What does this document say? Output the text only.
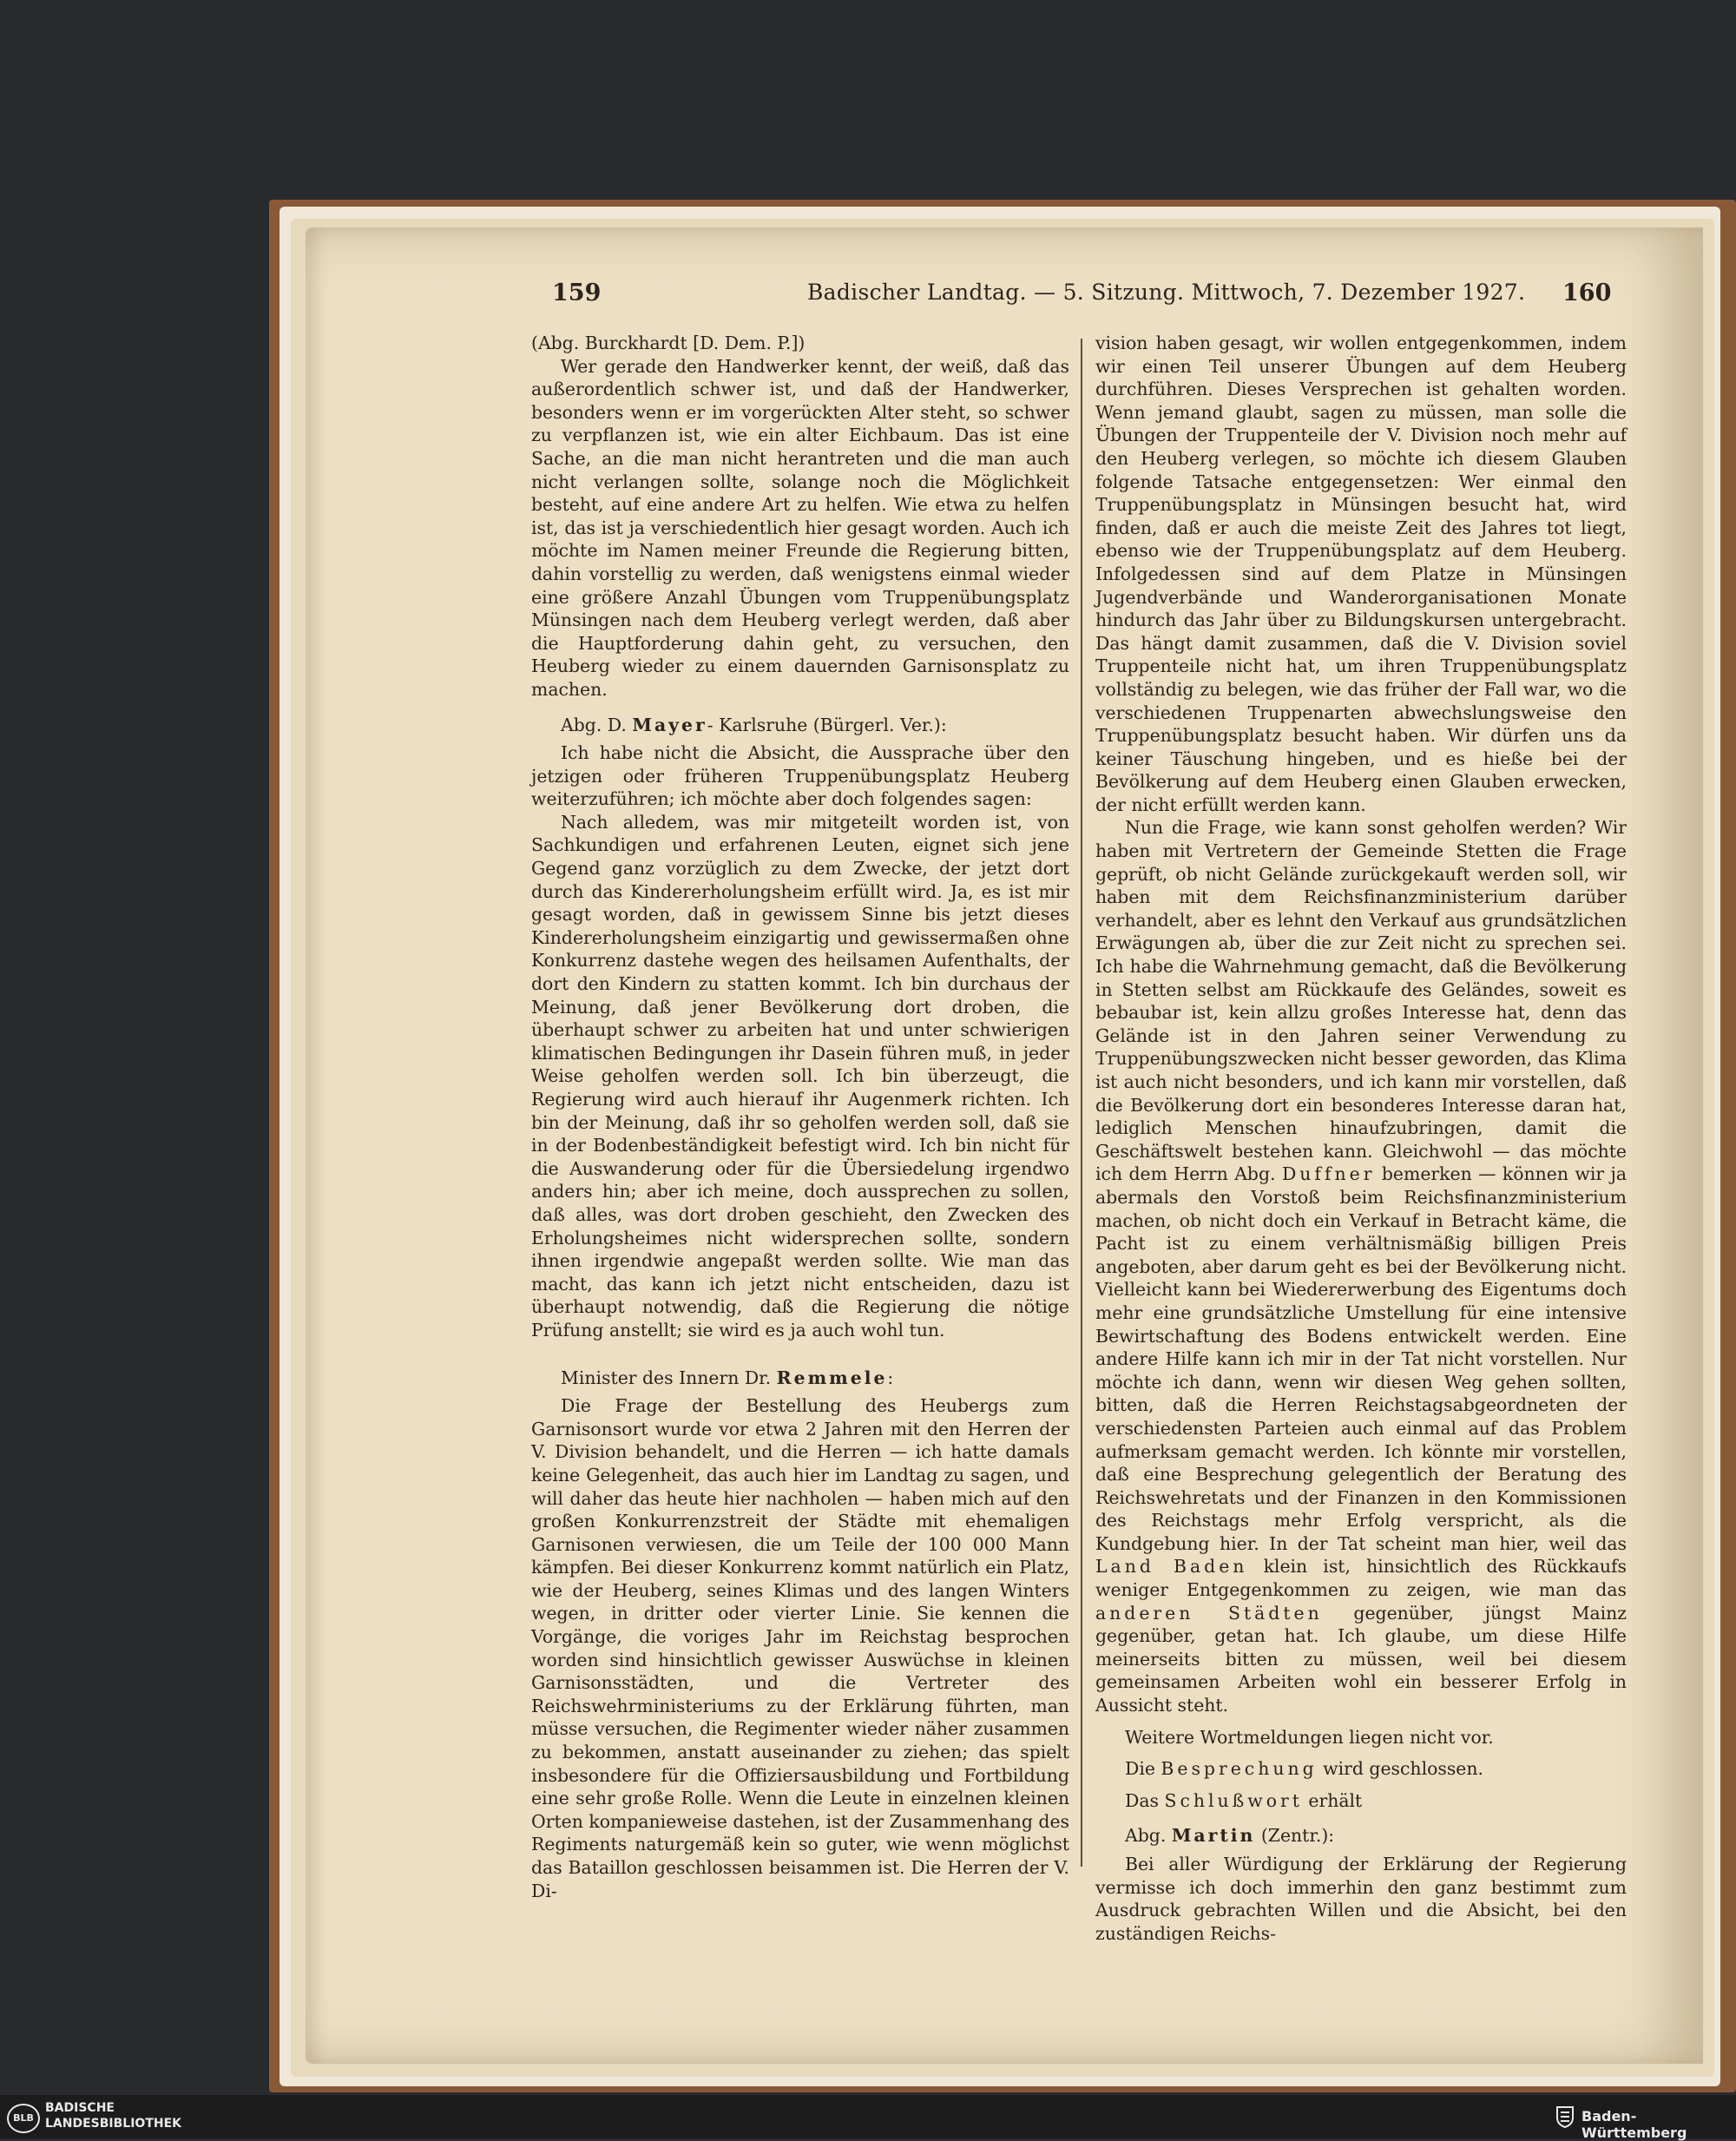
159	Badischer Landtag. — 5. Sitzung. Mittwoch, 7. Dezember 1927. 160

(Abg. Burckhardt [D. Dem. P.])

Wer gerade den Handwerker kennt, der weiß, daß das außerordentlich schwer ist, und daß der Handwerker, besonders wenn er im vorgerückten Alter steht, so schwer zu verpflanzen ist, wie ein alter Eichbaum. Das ist eine Sache, an die man nicht herantreten und die man auch nicht verlangen sollte, solange noch die Möglichkeit besteht, auf eine andere Art zu helfen. Wie etwa zu helfen ist, das ist ja verschiedentlich hier gesagt worden. Auch ich möchte im Namen meiner Freunde die Regierung bitten, dahin vorstellig zu werden, daß wenigstens einmal wieder eine größere Anzahl Übungen vom Truppenübungsplatz Münsingen nach dem Heuberg verlegt werden, daß aber die Hauptforderung dahin geht, zu versuchen, den Heuberg wieder zu einem dauernden Garnisonsplatz zu machen.

Abg. D. Mayer- Karlsruhe (Bürgerl. Ver.):

Ich habe nicht die Absicht, die Aussprache über den jetzigen oder früheren Truppenübungsplatz Heuberg weiterzuführen; ich möchte aber doch folgendes sagen:

Nach alledem, was mir mitgeteilt worden ist, von Sachkundigen und erfahrenen Leuten, eignet sich jene Gegend ganz vorzüglich zu dem Zwecke, der jetzt dort durch das Kindererholungsheim erfüllt wird. Ja, es ist mir gesagt worden, daß in gewissem Sinne bis jetzt dieses Kindererholungsheim einzigartig und gewissermaßen ohne Konkurrenz dastehe wegen des heilsamen Aufenthalts, der dort den Kindern zu statten kommt. Ich bin durchaus der Meinung, daß jener Bevölkerung dort droben, die überhaupt schwer zu arbeiten hat und unter schwierigen klimatischen Bedingungen ihr Dasein führen muß, in jeder Weise geholfen werden soll. Ich bin überzeugt, die Regierung wird auch hierauf ihr Augenmerk richten. Ich bin der Meinung, daß ihr so geholfen werden soll, daß sie in der Bodenbeständigkeit befestigt wird. Ich bin nicht für die Auswanderung oder für die Übersiedelung irgendwo anders hin; aber ich meine, doch aussprechen zu sollen, daß alles, was dort droben geschieht, den Zwecken des Erholungsheimes nicht widersprechen sollte, sondern ihnen irgendwie angepaßt werden sollte. Wie man das macht, das kann ich jetzt nicht entscheiden, dazu ist überhaupt notwendig, daß die Regierung die nötige Prüfung anstellt; sie wird es ja auch wohl tun.

Minister des Innern Dr. Remmele:

Die Frage der Bestellung des Heubergs zum Garnisonsort wurde vor etwa 2 Jahren mit den Herren der V. Division behandelt, und die Herren — ich hatte damals keine Gelegenheit, das auch hier im Landtag zu sagen, und will daher das heute hier nachholen — haben mich auf den großen Konkurrenzstreit der Städte mit ehemaligen Garnisonen verwiesen, die um Teile der 100 000 Mann kämpfen. Bei dieser Konkurrenz kommt natürlich ein Platz, wie der Heuberg, seines Klimas und des langen Winters wegen, in dritter oder vierter Linie. Sie kennen die Vorgänge, die voriges Jahr im Reichstag besprochen worden sind hinsichtlich gewisser Auswüchse in kleinen Garnisonsstädten, und die Vertreter des Reichswehrministeriums zu der Erklärung führten, man müsse versuchen, die Regimenter wieder näher zusammen zu bekommen, anstatt auseinander zu ziehen; das spielt insbesondere für die Offiziersausbildung und Fortbildung eine sehr große Rolle. Wenn die Leute in einzelnen kleinen Orten kompanieweise dastehen, ist der Zusammenhang des Regiments naturgemäß kein so guter, wie wenn möglichst das Bataillon geschlossen beisammen ist. Die Herren der V. Di-

vision haben gesagt, wir wollen entgegenkommen, indem wir einen Teil unserer Übungen auf dem Heuberg durchführen. Dieses Versprechen ist gehalten worden. Wenn jemand glaubt, sagen zu müssen, man solle die Übungen der Truppenteile der V. Division noch mehr auf den Heuberg verlegen, so möchte ich diesem Glauben folgende Tatsache entgegensetzen: Wer einmal den Truppenübungsplatz in Münsingen besucht hat, wird finden, daß er auch die meiste Zeit des Jahres tot liegt, ebenso wie der Truppenübungsplatz auf dem Heuberg. Infolgedessen sind auf dem Platze in Münsingen Jugendverbände und Wanderorganisationen Monate hindurch das Jahr über zu Bildungskursen untergebracht. Das hängt damit zusammen, daß die V. Division soviel Truppenteile nicht hat, um ihren Truppenübungsplatz vollständig zu belegen, wie das früher der Fall war, wo die verschiedenen Truppenarten abwechslungsweise den Truppenübungsplatz besucht haben. Wir dürfen uns da keiner Täuschung hingeben, und es hieße bei der Bevölkerung auf dem Heuberg einen Glauben erwecken, der nicht erfüllt werden kann.

Nun die Frage, wie kann sonst geholfen werden? Wir haben mit Vertretern der Gemeinde Stetten die Frage geprüft, ob nicht Gelände zurückgekauft werden soll, wir haben mit dem Reichsfinanzministerium darüber verhandelt, aber es lehnt den Verkauf aus grundsätzlichen Erwägungen ab, über die zur Zeit nicht zu sprechen sei. Ich habe die Wahrnehmung gemacht, daß die Bevölkerung in Stetten selbst am Rückkaufe des Geländes, soweit es bebaubar ist, kein allzu großes Interesse hat, denn das Gelände ist in den Jahren seiner Verwendung zu Truppenübungszwecken nicht besser geworden, das Klima ist auch nicht besonders, und ich kann mir vorstellen, daß die Bevölkerung dort ein besonderes Interesse daran hat, lediglich Menschen hinaufzubringen, damit die Geschäftswelt bestehen kann. Gleichwohl — das möchte ich dem Herrn Abg. Duffner bemerken — können wir ja abermals den Vorstoß beim Reichsfinanzministerium machen, ob nicht doch ein Verkauf in Betracht käme, die Pacht ist zu einem verhältnismäßig billigen Preis angeboten, aber darum geht es bei der Bevölkerung nicht. Vielleicht kann bei Wiedererwerbung des Eigentums doch mehr eine grundsätzliche Umstellung für eine intensive Bewirtschaftung des Bodens entwickelt werden. Eine andere Hilfe kann ich mir in der Tat nicht vorstellen. Nur möchte ich dann, wenn wir diesen Weg gehen sollten, bitten, daß die Herren Reichstagsabgeordneten der verschiedensten Parteien auch einmal auf das Problem aufmerksam gemacht werden. Ich könnte mir vorstellen, daß eine Besprechung gelegentlich der Beratung des Reichswehretats und der Finanzen in den Kommissionen des Reichstags mehr Erfolg verspricht, als die Kundgebung hier. In der Tat scheint man hier, weil das Land Baden klein ist, hinsichtlich des Rückkaufs weniger Entgegenkommen zu zeigen, wie man das anderen Städten gegenüber, jüngst Mainz gegenüber, getan hat. Ich glaube, um diese Hilfe meinerseits bitten zu müssen, weil bei diesem gemeinsamen Arbeiten wohl ein besserer Erfolg in Aussicht steht.

Weitere Wortmeldungen liegen nicht vor.

Die Besprechung wird geschlossen.

Das Schlußwort erhält

Abg. Martin (Zentr.):

Bei aller Würdigung der Erklärung der Regierung vermisse ich doch immerhin den ganz bestimmt zum Ausdruck gebrachten Willen und die Absicht, bei den zuständigen Reichs-

BLB
BADISCHE
LANDESBIBLIOTHEK	Baden-Württemberg
